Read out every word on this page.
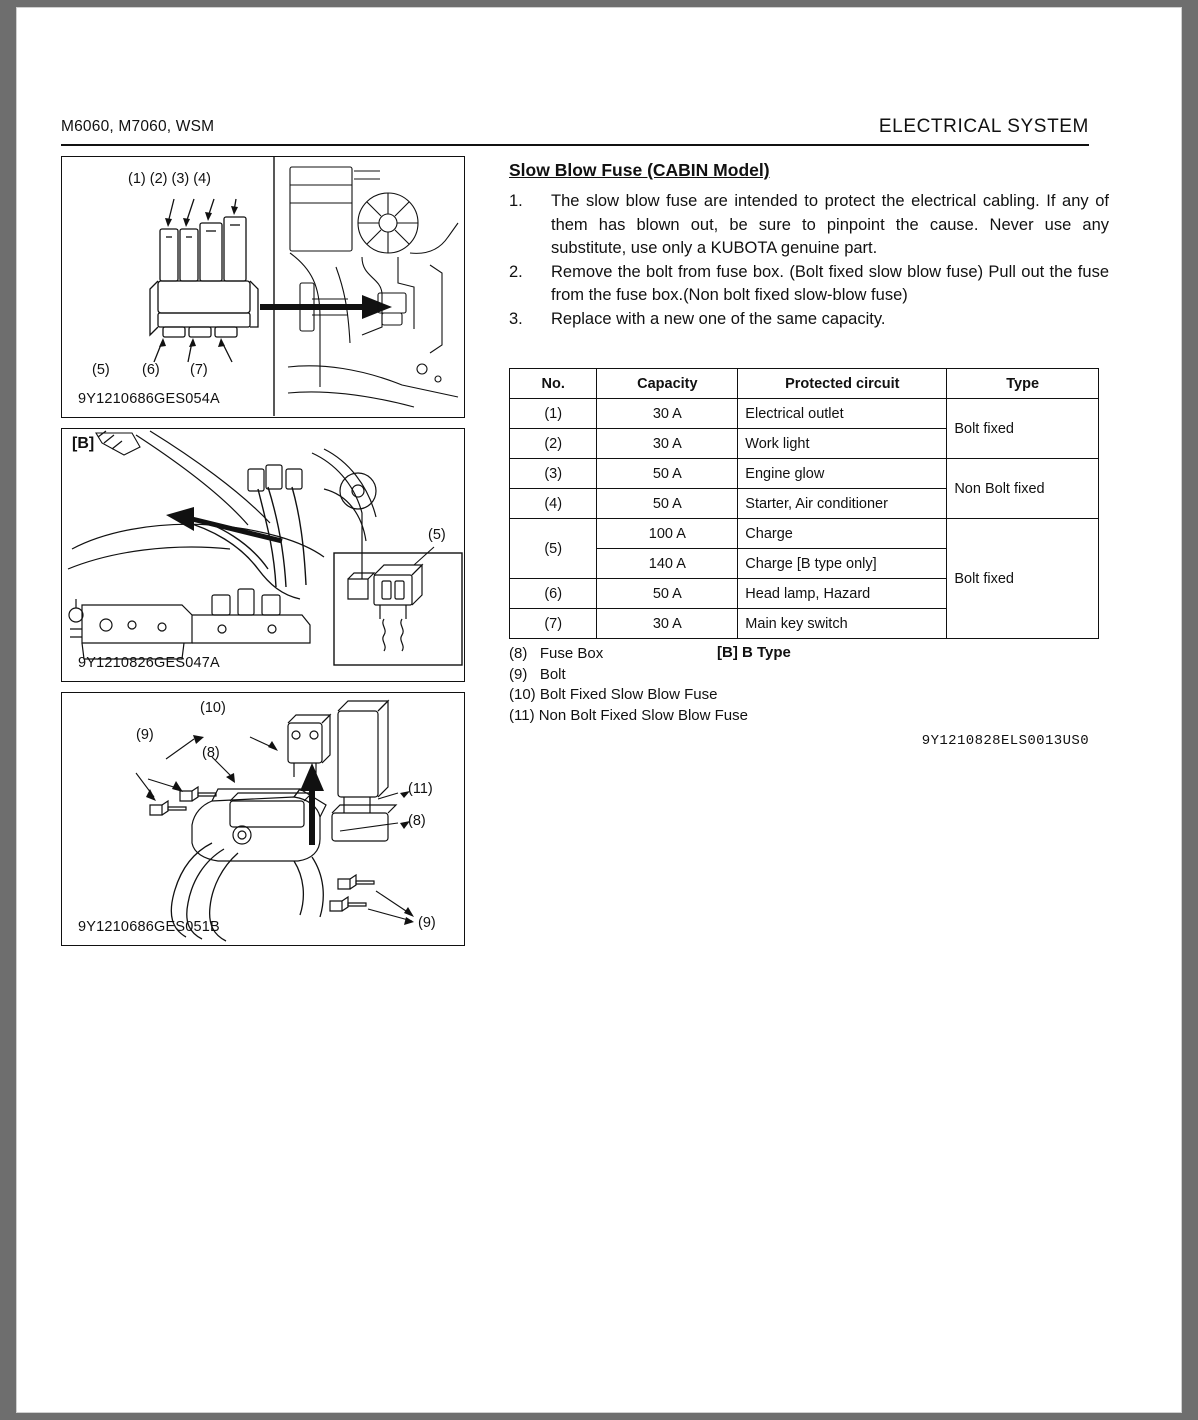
M6060, M7060, WSM	ELECTRICAL SYSTEM
(1) (2) (3) (4)
(5) (6) (7)
9Y1210686GES054A
[B]
(5)
9Y1210826GES047A
(10)
(9)
(8)
(11)
(8)
(9)
9Y1210686GES051B
Slow Blow Fuse (CABIN Model)
1.	The slow blow fuse are intended to protect the electrical cabling. If any of them has blown out, be sure to pinpoint the cause. Never use any substitute, use only a KUBOTA genuine part.
2.	Remove the bolt from fuse box. (Bolt fixed slow blow fuse) Pull out the fuse from the fuse box.(Non bolt fixed slow-blow fuse)
3.	Replace with a new one of the same capacity.
No.	Capacity	Protected circuit	Type
(1)	30 A	Electrical outlet	Bolt fixed
(2)	30 A	Work light	
(3)	50 A	Engine glow	Non Bolt fixed
(4)	50 A	Starter, Air conditioner	
(5)	100 A	Charge	Bolt fixed
	140 A	Charge [B type only]	
(6)	50 A	Head lamp, Hazard	
(7)	30 A	Main key switch	
(8)   Fuse Box
(9)   Bolt
(10) Bolt Fixed Slow Blow Fuse
(11) Non Bolt Fixed Slow Blow Fuse
[B] B Type
9Y1210828ELS0013US0
